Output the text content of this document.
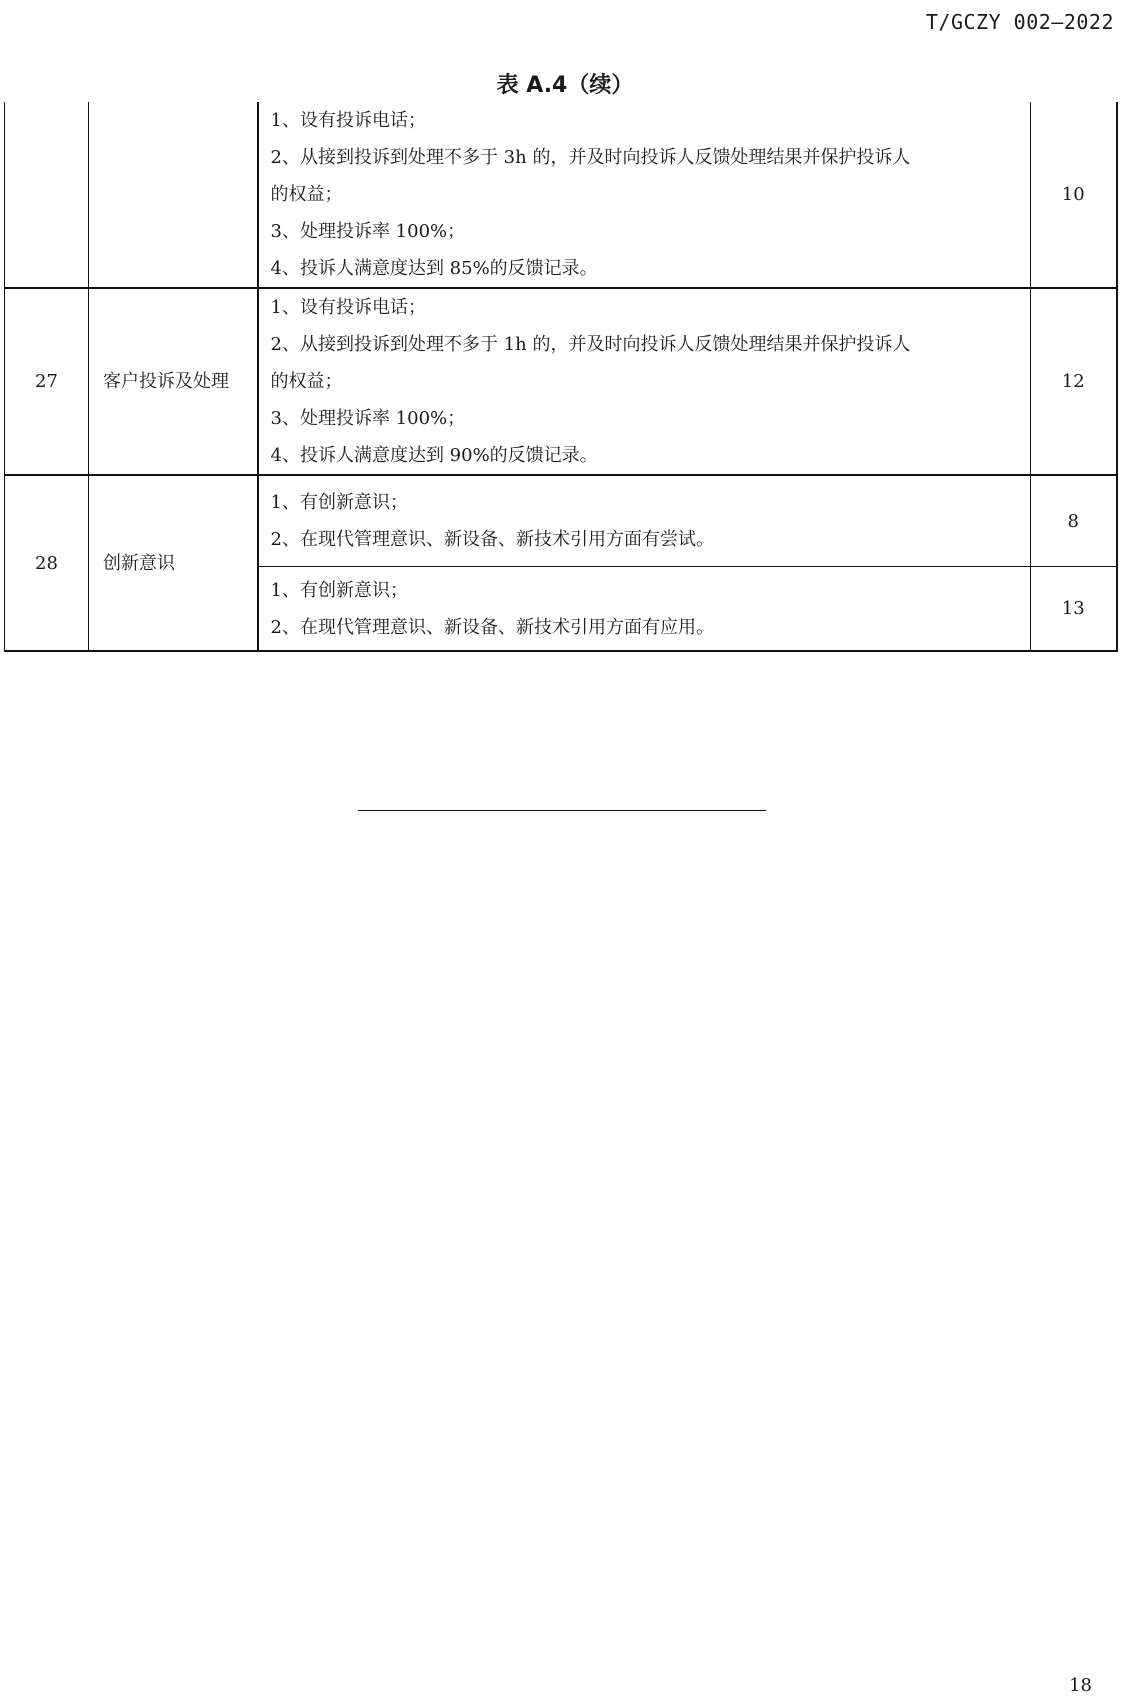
T/GCZY 002—2022
表 A.4（续）

		1、设有投诉电话；
2、从接到投诉到处理不多于 3h 的，并及时向投诉人反馈处理结果并保护投诉人
的权益；
3、处理投诉率 100%；
4、投诉人满意度达到 85%的反馈记录。	10
27	客户投诉及处理	1、设有投诉电话；
2、从接到投诉到处理不多于 1h 的，并及时向投诉人反馈处理结果并保护投诉人
的权益；
3、处理投诉率 100%；
4、投诉人满意度达到 90%的反馈记录。	12
28	创新意识	1、有创新意识；
2、在现代管理意识、新设备、新技术引用方面有尝试。	8

		1、有创新意识；
2、在现代管理意识、新设备、新技术引用方面有应用。	13
18
